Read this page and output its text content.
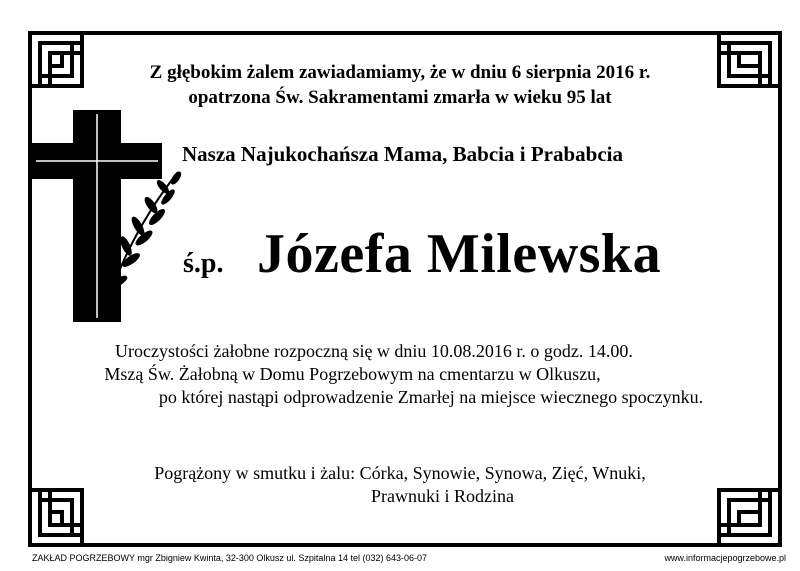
Z głębokim żalem zawiadamiamy, że w dniu 6 sierpnia 2016 r.
opatrzona Św. Sakramentami zmarła w wieku 95 lat
Nasza Najukochańsza Mama, Babcia i Prababcia
ś.p. Józefa Milewska
Uroczystości żałobne rozpoczną się w dniu 10.08.2016 r. o godz. 14.00.
Mszą Św. Żałobną w Domu Pogrzebowym na cmentarzu w Olkuszu,
po której nastąpi odprowadzenie Zmarłej na miejsce wiecznego spoczynku.
Pogrążony w smutku i żalu: Córka, Synowie, Synowa, Zięć, Wnuki,
Prawnuki i Rodzina
ZAKŁAD POGRZEBOWY mgr Zbigniew Kwinta, 32-300 Olkusz ul. Szpitalna 14 tel (032) 643-06-07	www.informacjepogrzebowe.pl
